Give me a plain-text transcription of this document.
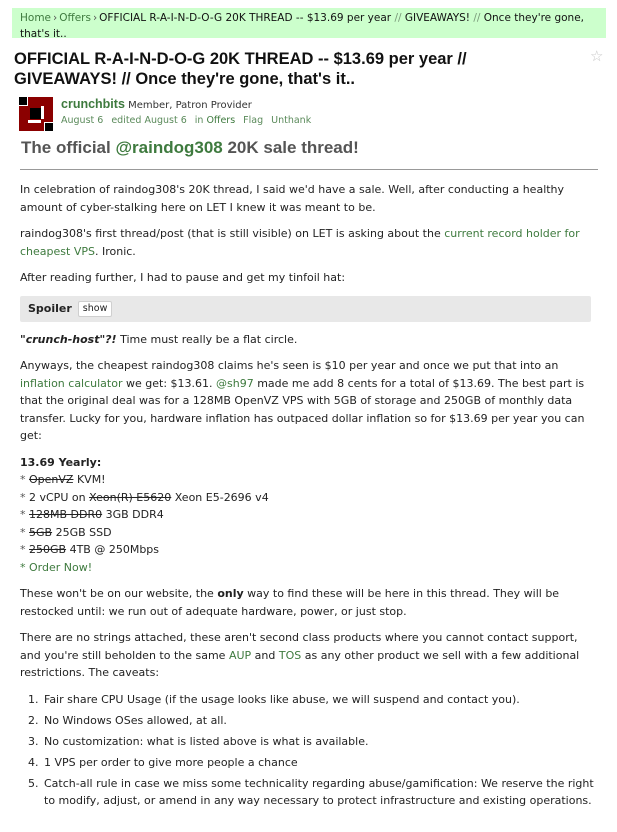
Home › Offers › OFFICIAL R-A-I-N-D-O-G 20K THREAD -- $13.69 per year // GIVEAWAYS! // Once they're gone, that's it..
OFFICIAL R-A-I-N-D-O-G 20K THREAD -- $13.69 per year // GIVEAWAYS! // Once they're gone, that's it..
☆
crunchbits Member, Patron Provider
August 6 edited August 6 in Offers Flag Unthank
The official @raindog308 20K sale thread!

In celebration of raindog308's 20K thread, I said we'd have a sale. Well, after conducting a healthy amount of cyber-stalking here on LET I knew it was meant to be.

raindog308's first thread/post (that is still visible) on LET is asking about the current record holder for cheapest VPS. Ironic.

After reading further, I had to pause and get my tinfoil hat:

Spoiler	show

"crunch-host"?! Time must really be a flat circle.

Anyways, the cheapest raindog308 claims he's seen is $10 per year and once we put that into an inflation calculator we get: $13.61. @sh97 made me add 8 cents for a total of $13.69. The best part is that the original deal was for a 128MB OpenVZ VPS with 5GB of storage and 250GB of monthly data transfer. Lucky for you, hardware inflation has outpaced dollar inflation so for $13.69 per year you can get:

13.69 Yearly:
* OpenVZ KVM!
* 2 vCPU on Xeon(R) E5620 Xeon E5-2696 v4
* 128MB DDR0 3GB DDR4
* 5GB 25GB SSD
* 250GB 4TB @ 250Mbps
* Order Now!

These won't be on our website, the only way to find these will be here in this thread. They will be restocked until: we run out of adequate hardware, power, or just stop.

There are no strings attached, these aren't second class products where you cannot contact support, and you're still beholden to the same AUP and TOS as any other product we sell with a few additional restrictions. The caveats:

1. Fair share CPU Usage (if the usage looks like abuse, we will suspend and contact you).
2. No Windows OSes allowed, at all.
3. No customization: what is listed above is what is available.
4. 1 VPS per order to give more people a chance
5. Catch-all rule in case we miss some technicality regarding abuse/gamification: We reserve the right to modify, adjust, or amend in any way necessary to protect infrastructure and existing operations.
